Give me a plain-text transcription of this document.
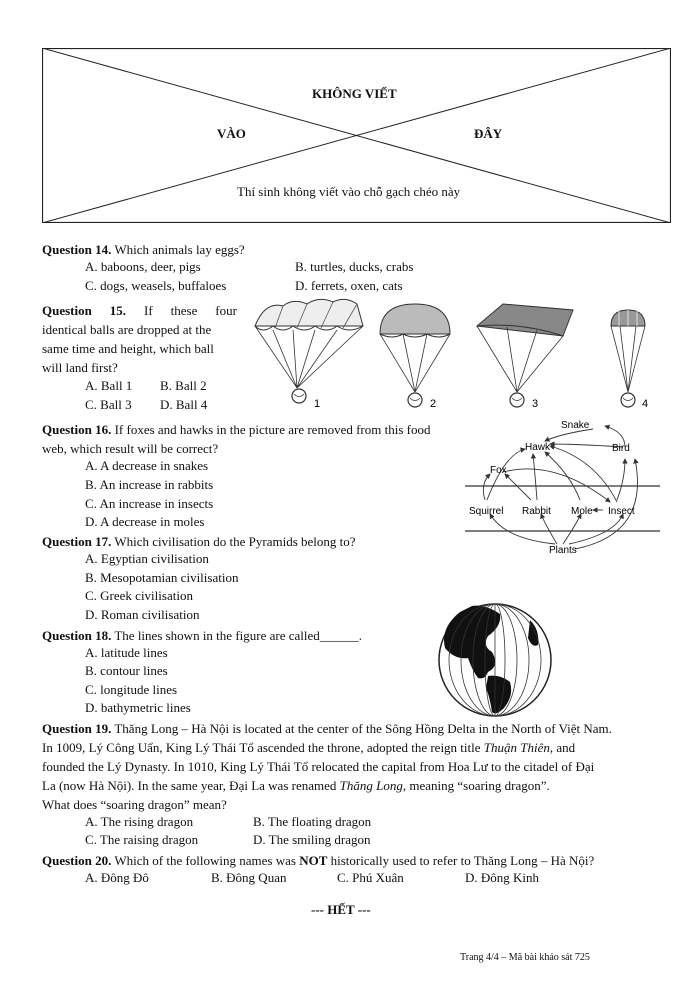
KHÔNG VIẾT
VÀO	ĐÂY
Thí sinh không viết vào chỗ gạch chéo này
Question 14. Which animals lay eggs?
A. baboons, deer, pigs	B. turtles, ducks, crabs
C. dogs, weasels, buffaloes	D. ferrets, oxen, cats
Question 15. If these four
identical balls are dropped at the
same time and height, which ball
will land first?
A. Ball 1 B. Ball 2
C. Ball 3 D. Ball 4	2	3
1	4
Question 16. If foxes and hawks in the picture are removed from this food
web, which result will be correct?
A. A decrease in snakes
B. An increase in rabbits
C. An increase in insects
D. A decrease in moles
Snake
Hawk	Bird
Fox
Squirrel Rabbit Mole Insect
Plants
Question 17. Which civilisation do the Pyramids belong to?
A. Egyptian civilisation
B. Mesopotamian civilisation
C. Greek civilisation
D. Roman civilisation
Question 18. The lines shown in the figure are called______.
A. latitude lines
B. contour lines
C. longitude lines
D. bathymetric lines
Question 19. Thăng Long – Hà Nội is located at the center of the Sông Hồng Delta in the North of Việt Nam.
In 1009, Lý Công Uẩn, King Lý Thái Tổ ascended the throne, adopted the reign title Thuận Thiên, and
founded the Lý Dynasty. In 1010, King Lý Thái Tổ relocated the capital from Hoa Lư to the citadel of Đại
La (now Hà Nội). In the same year, Đại La was renamed Thăng Long, meaning “soaring dragon”.
What does “soaring dragon” mean?
A. The rising dragon	B. The floating dragon
C. The raising dragon	D. The smiling dragon
Question 20. Which of the following names was NOT historically used to refer to Thăng Long – Hà Nội?
A. Đông Đô	B. Đông Quan	C. Phú Xuân	D. Đông Kinh
--- HẾT ---
Trang 4/4 – Mã bài khảo sát 725
